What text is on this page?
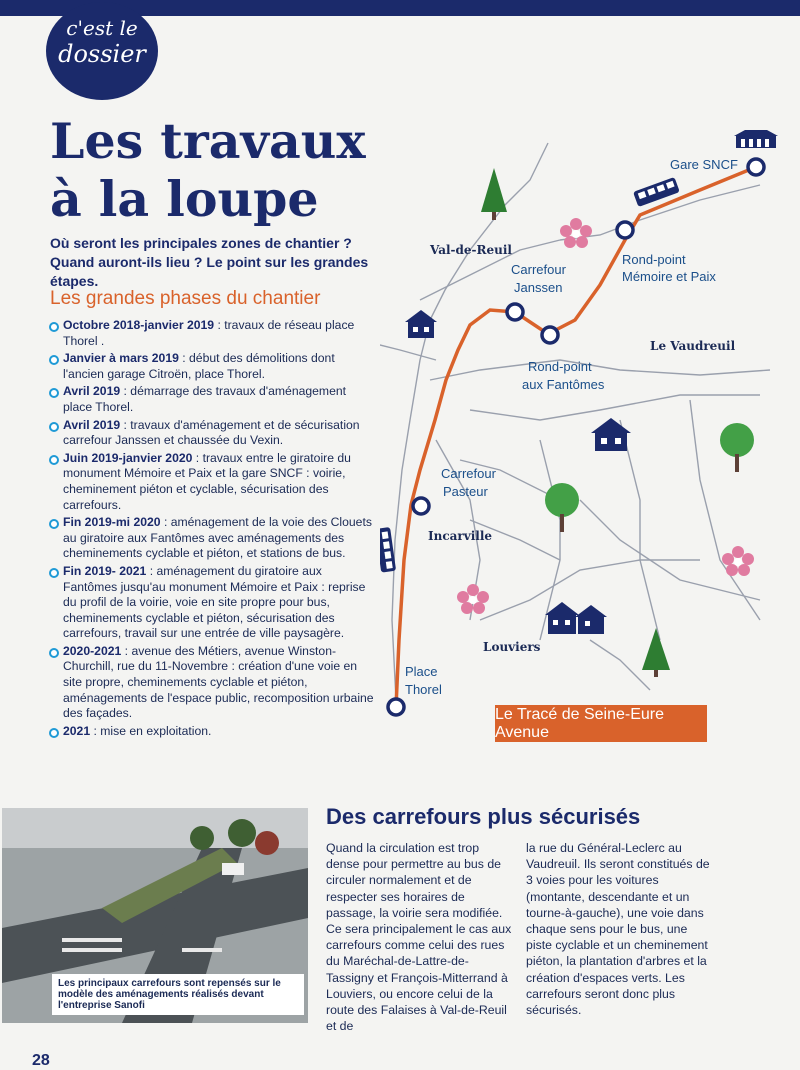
c'est le
dossier
Les travaux
à la loupe
Où seront les principales zones de chantier ? Quand auront-ils lieu ? Le point sur les grandes étapes.
Les grandes phases du chantier
Octobre 2018-janvier 2019 : travaux de réseau place Thorel .
Janvier à mars 2019 : début des démolitions dont l'ancien garage Citroën, place Thorel.
Avril 2019 : démarrage des travaux d'aménagement place Thorel.
Avril 2019 : travaux d'aménagement et de sécurisation carrefour Janssen et chaussée du Vexin.
Juin 2019-janvier 2020 : travaux entre le giratoire du monument Mémoire et Paix et la gare SNCF : voirie, cheminement piéton et cyclable, sécurisation des carrefours.
Fin 2019-mi 2020 : aménagement de la voie des Clouets au giratoire aux Fantômes avec aménagements des cheminements cyclable et piéton, et stations de bus.
Fin 2019- 2021 : aménagement du giratoire aux Fantômes jusqu'au monument Mémoire et Paix : reprise du profil de la voirie, voie en site propre pour bus, cheminements cyclable et piéton, sécurisation des carrefours, travail sur une entrée de ville paysagère.
2020-2021 : avenue des Métiers, avenue Winston-Churchill, rue du 11-Novembre : création d'une voie en site propre, cheminements cyclable et piéton, aménagements de l'espace public, recomposition urbaine des façades.
2021 : mise en exploitation.
Gare SNCF
Rond-point
Mémoire et Paix
Carrefour
Janssen
Rond-point
aux Fantômes
Carrefour
Pasteur
Place
Thorel
Val-de-Reuil
Le Vaudreuil
Incarville
Louviers
Le Tracé de Seine-Eure Avenue
Les principaux carrefours sont repensés sur le modèle des aménagements réalisés devant l'entreprise Sanofi
Des carrefours plus sécurisés
Quand la circulation est trop dense pour permettre au bus de circuler normalement et de respecter ses horaires de passage, la voirie sera modifiée. Ce sera principalement le cas aux carrefours comme celui des rues du Maréchal-de-Lattre-de-Tassigny et François-Mitterrand à Louviers, ou encore celui de la route des Falaises à Val-de-Reuil et de
la rue du Général-Leclerc au Vaudreuil. Ils seront constitués de 3 voies pour les voitures (montante, descendante et un tourne-à-gauche), une voie dans chaque sens pour le bus, une piste cyclable et un cheminement piéton, la plantation d'arbres et la création d'espaces verts. Les carrefours seront donc plus sécurisés.
28
